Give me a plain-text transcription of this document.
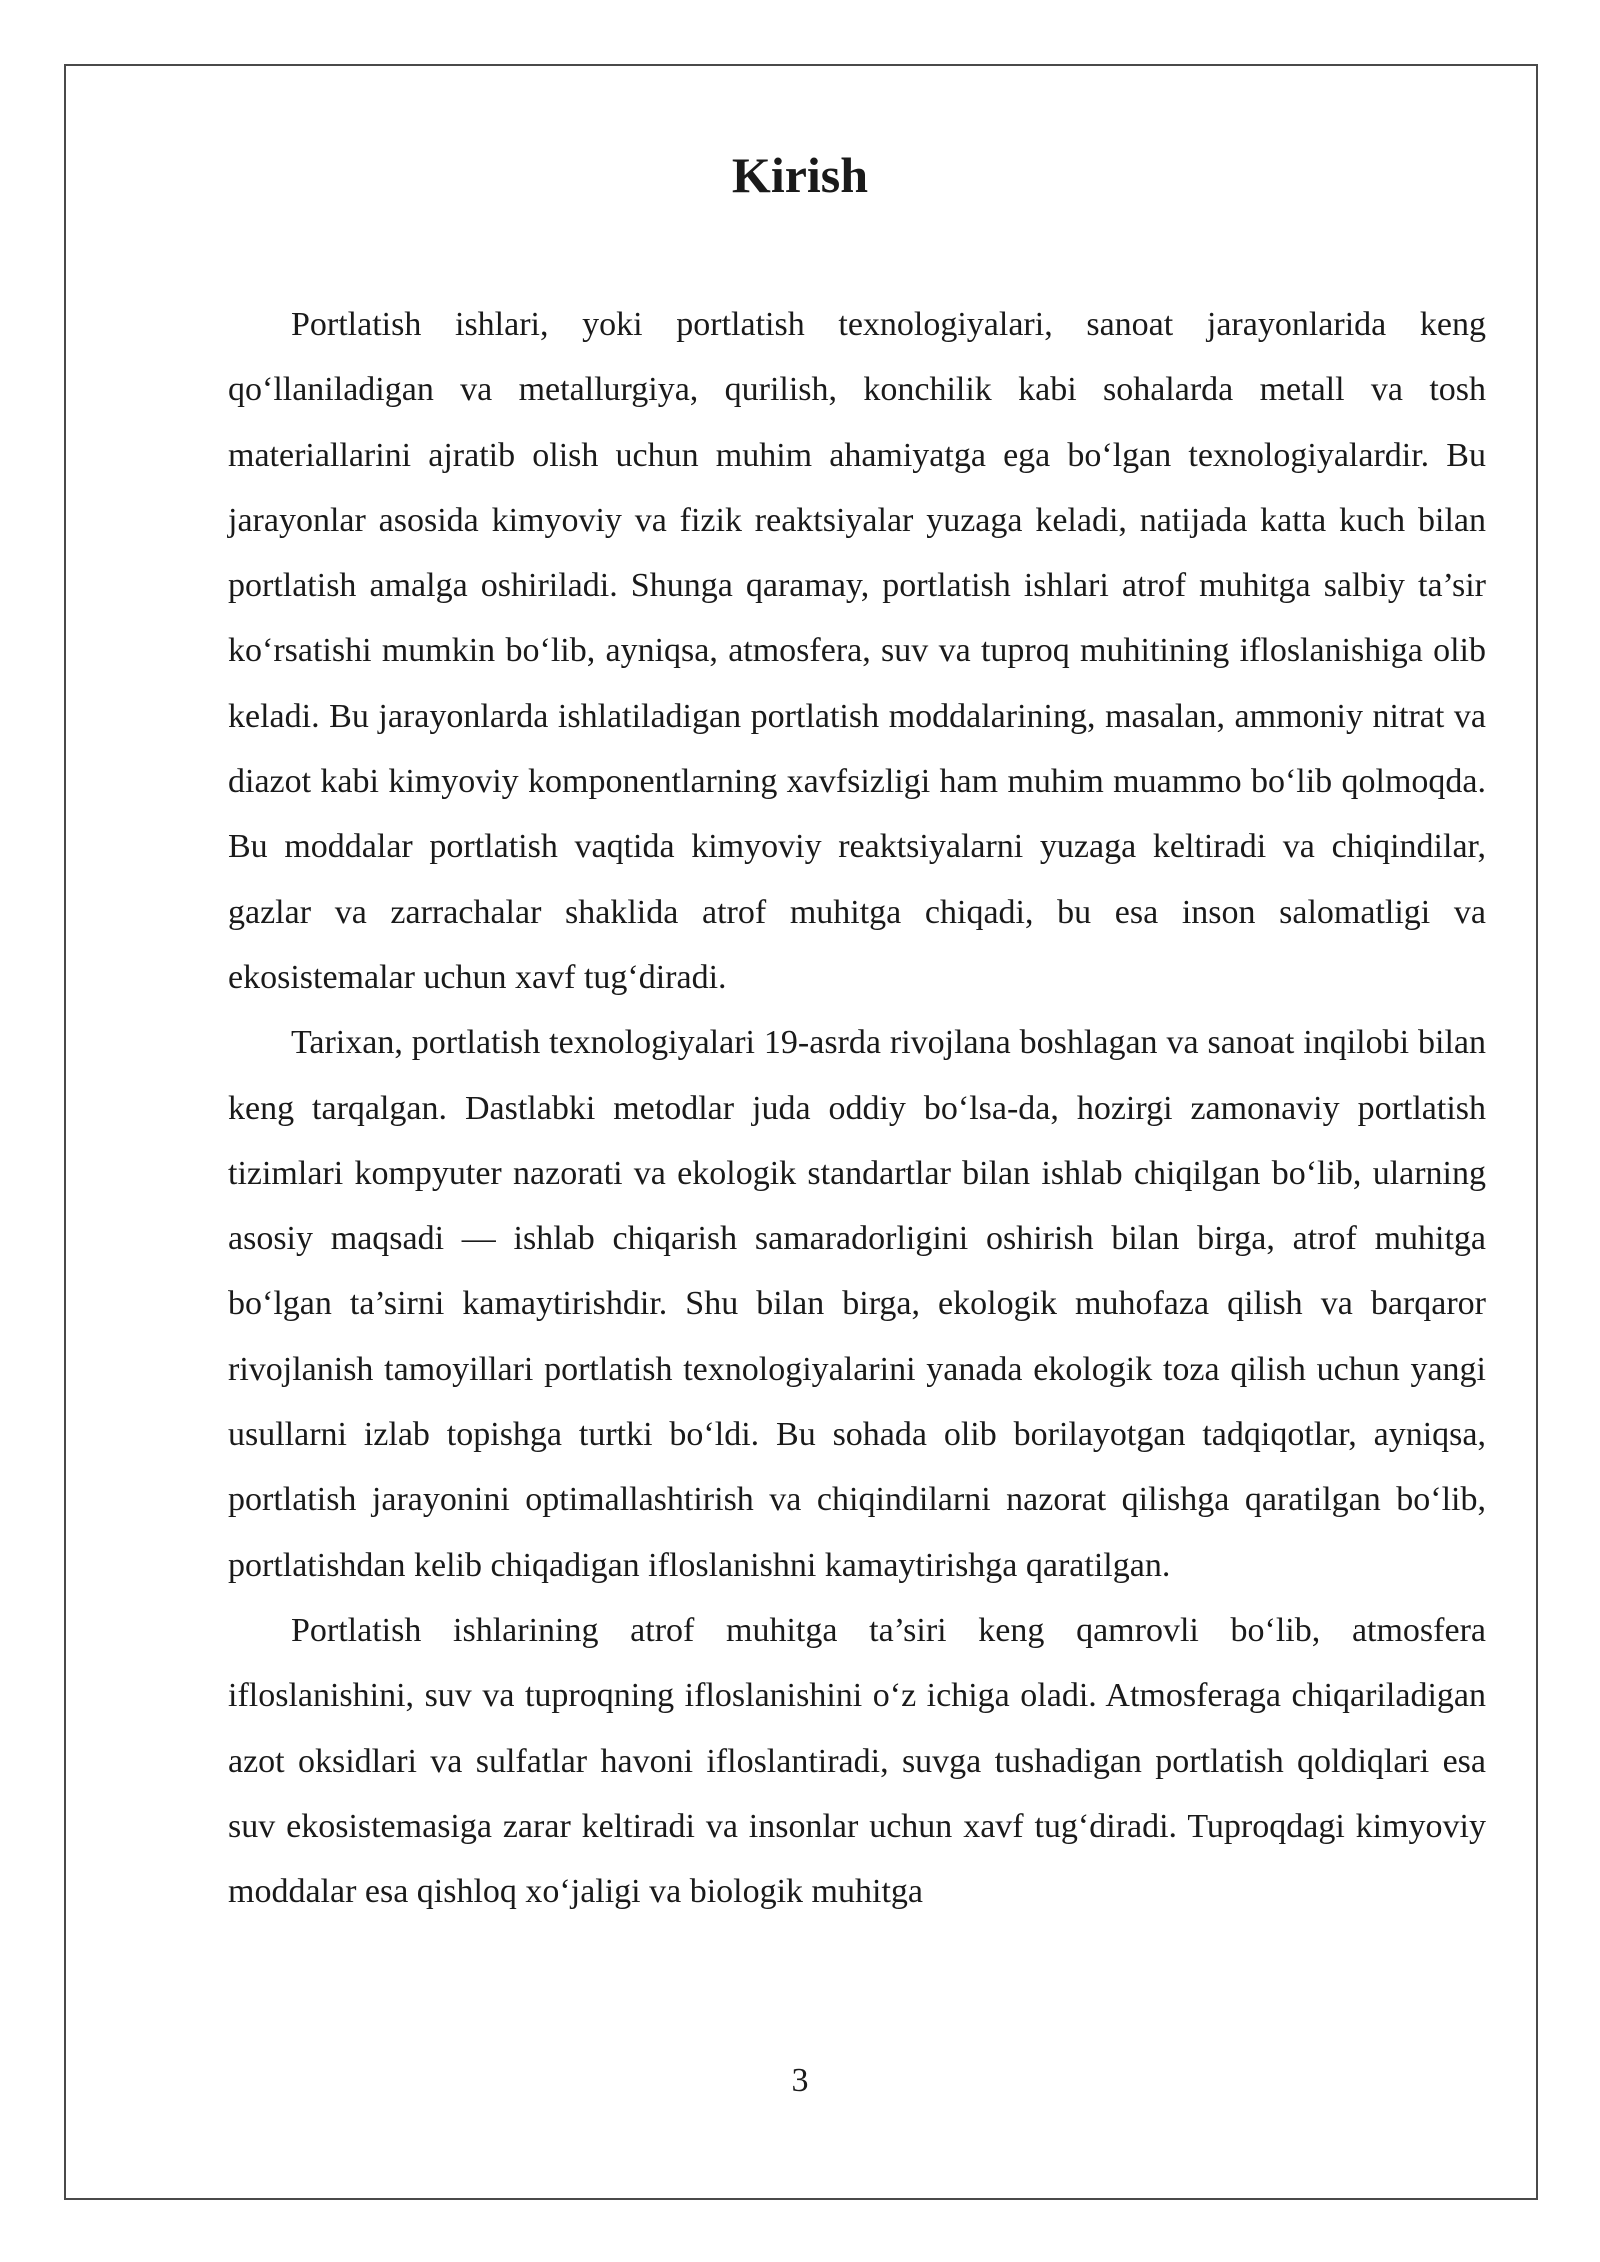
Kirish

Portlatish ishlari, yoki portlatish texnologiyalari, sanoat jarayonlarida keng qo‘llaniladigan va metallurgiya, qurilish, konchilik kabi sohalarda metall va tosh materiallarini ajratib olish uchun muhim ahamiyatga ega bo‘lgan texnologiyalardir. Bu jarayonlar asosida kimyoviy va fizik reaktsiyalar yuzaga keladi, natijada katta kuch bilan portlatish amalga oshiriladi. Shunga qaramay, portlatish ishlari atrof muhitga salbiy ta’sir ko‘rsatishi mumkin bo‘lib, ayniqsa, atmosfera, suv va tuproq muhitining ifloslanishiga olib keladi. Bu jarayonlarda ishlatiladigan portlatish moddalarining, masalan, ammoniy nitrat va diazot kabi kimyoviy komponentlarning xavfsizligi ham muhim muammo bo‘lib qolmoqda. Bu moddalar portlatish vaqtida kimyoviy reaktsiyalarni yuzaga keltiradi va chiqindilar, gazlar va zarrachalar shaklida atrof muhitga chiqadi, bu esa inson salomatligi va ekosistemalar uchun xavf tug‘diradi.

Tarixan, portlatish texnologiyalari 19-asrda rivojlana boshlagan va sanoat inqilobi bilan keng tarqalgan. Dastlabki metodlar juda oddiy bo‘lsa-da, hozirgi zamonaviy portlatish tizimlari kompyuter nazorati va ekologik standartlar bilan ishlab chiqilgan bo‘lib, ularning asosiy maqsadi — ishlab chiqarish samaradorligini oshirish bilan birga, atrof muhitga bo‘lgan ta’sirni kamaytirishdir. Shu bilan birga, ekologik muhofaza qilish va barqaror rivojlanish tamoyillari portlatish texnologiyalarini yanada ekologik toza qilish uchun yangi usullarni izlab topishga turtki bo‘ldi. Bu sohada olib borilayotgan tadqiqotlar, ayniqsa, portlatish jarayonini optimallashtirish va chiqindilarni nazorat qilishga qaratilgan bo‘lib, portlatishdan kelib chiqadigan ifloslanishni kamaytirishga qaratilgan.

Portlatish ishlarining atrof muhitga ta’siri keng qamrovli bo‘lib, atmosfera ifloslanishini, suv va tuproqning ifloslanishini o‘z ichiga oladi. Atmosferaga chiqariladigan azot oksidlari va sulfatlar havoni ifloslantiradi, suvga tushadigan portlatish qoldiqlari esa suv ekosistemasiga zarar keltiradi va insonlar uchun xavf tug‘diradi. Tuproqdagi kimyoviy moddalar esa qishloq xo‘jaligi va biologik muhitga

3
